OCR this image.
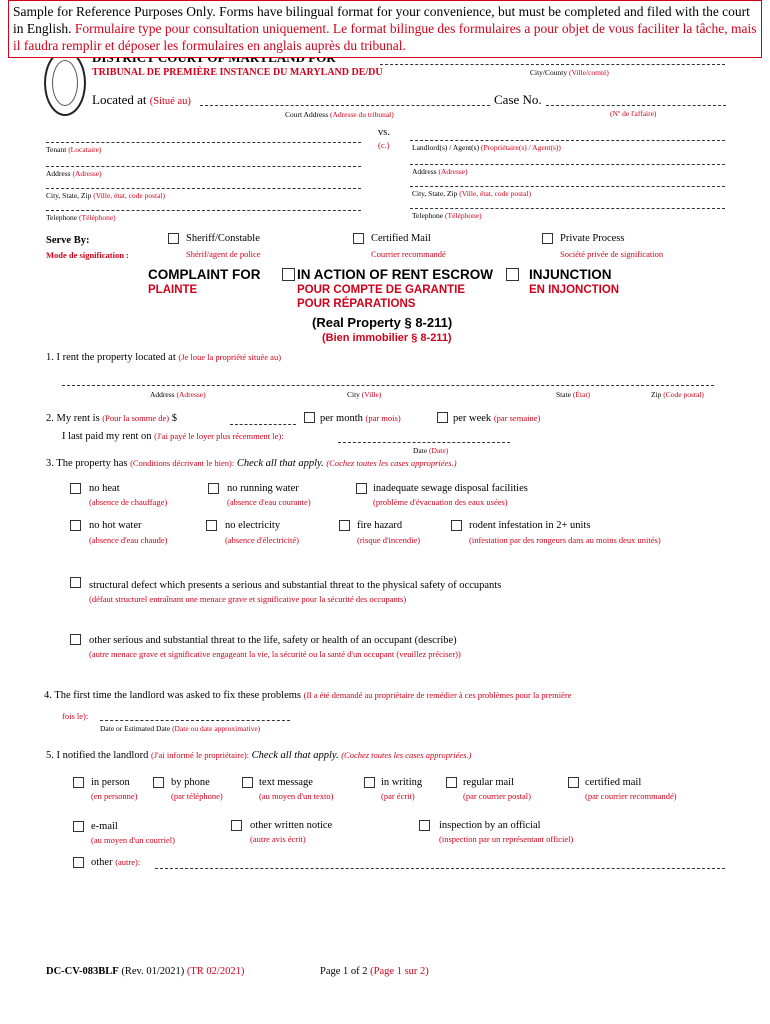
Sample for Reference Purposes Only. Forms have bilingual format for your convenience, but must be completed and filed with the court in English. Formulaire type pour consultation uniquement. Le format bilingue des formulaires a pour objet de vous faciliter la tâche, mais il faudra remplir et déposer les formulaires en anglais auprès du tribunal.
TRIBUNAL DE PREMIÈRE INSTANCE DU MARYLAND DE/DU	City/County (Ville/comté)
Located at (Situé au)	Case No.
Court Address (Adresse du tribunal)	(Nº de l'affaire)
vs.
(c.)
Tenant (Locataire)	Landlord(s) / Agent(s) (Propriétaire(s) / Agent(s))
Address (Adresse)	Address (Adresse)
City, State, Zip (Ville, état, code postal)	City, State, Zip (Ville, état, code postal)
Telephone (Téléphone)	Telephone (Téléphone)
Serve By:
Mode de signification :
Sheriff/Constable
Shérif/agent de police
Certified Mail
Courrier recommandé
Private Process
Société privée de signification
COMPLAINT FOR
PLAINTE
IN ACTION OF RENT ESCROW
POUR COMPTE DE GARANTIE
POUR RÉPARATIONS
INJUNCTION
EN INJONCTION
(Real Property § 8-211)
(Bien immobilier § 8-211)
1. I rent the property located at (Je loue la propriété située au)
Address (Adresse)	City (Ville)	State (État)	Zip (Code postal)
2. My rent is (Pour la somme de) $	per month (par mois)	per week (par semaine)
I last paid my rent on (J'ai payé le loyer plus récemment le):
Date (Date)
3. The property has (Conditions décrivant le bien): Check all that apply. (Cochez toutes les cases appropriées.)
no heat
(absence de chauffage)
no running water
(absence d'eau courante)
inadequate sewage disposal facilities
(problème d'évacuation des eaux usées)
no hot water
(absence d'eau chaude)
no electricity
(absence d'électricité)
fire hazard
(risque d'incendie)
rodent infestation in 2+ units
(infestation par des rongeurs dans au moins deux unités)
structural defect which presents a serious and substantial threat to the physical safety of occupants
(défaut structurel entraînant une menace grave et significative pour la sécurité des occupants)
other serious and substantial threat to the life, safety or health of an occupant (describe)
(autre menace grave et significative engageant la vie, la sécurité ou la santé d'un occupant (veuillez préciser))
4. The first time the landlord was asked to fix these problems (Il a été demandé au propriétaire de remédier à ces problèmes pour la première
fois le):
Date or Estimated Date (Date ou date approximative)
5. I notified the landlord (J'ai informé le propriétaire): Check all that apply. (Cochez toutes les cases appropriées.)
in person
(en personne)
by phone
(par téléphone)
text message
(au moyen d'un texto)
in writing
(par écrit)
regular mail
(par courrier postal)
certified mail
(par courrier recommandé)
e-mail
(au moyen d'un courriel)
other written notice
(autre avis écrit)
inspection by an official
(inspection par un représentant officiel)
other (autre):
DC-CV-083BLF (Rev. 01/2021) (TR 02/2021)	Page 1 of 2 (Page 1 sur 2)
